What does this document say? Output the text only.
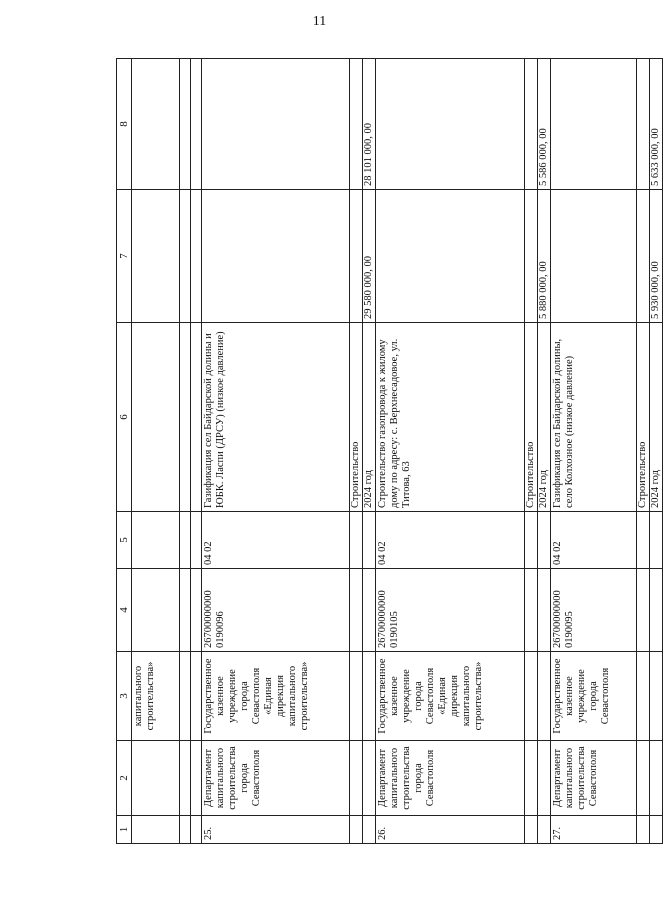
11
1	2	3	4	5	6	7	8
		капитального строительства»					

25.	Департамент капитального строительства города Севастополя	Государственное казенное учреждение города Севастополя «Единая дирекция капитального строительства»	26700000000 0190096	04 02	Газификация сел Байдарской долины и ЮБК. Ласпи (ДРСУ) (низкое давление)		
					Строительство		
					2024 год	29 580 000, 00	28 101 000, 00
26.	Департамент капитального строительства города Севастополя	Государственное казенное учреждение города Севастополя «Единая дирекция капитального строительства»	26700000000 0190105	04 02	Строительство газопровода к жилому дому по адресу: с. Верхнесадовое, ул. Титова, 63		
					Строительство		
					2024 год	5 880 000, 00	5 586 000, 00
27.	Департамент капитального строительства Севастополя	Государственное казенное учреждение города Севастополя	26700000000 0190095	04 02	Газификация сел Байдарской долины, село Колхозное (низкое давление)		
					Строительство		
					2024 год	5 930 000, 00	5 633 000, 00
